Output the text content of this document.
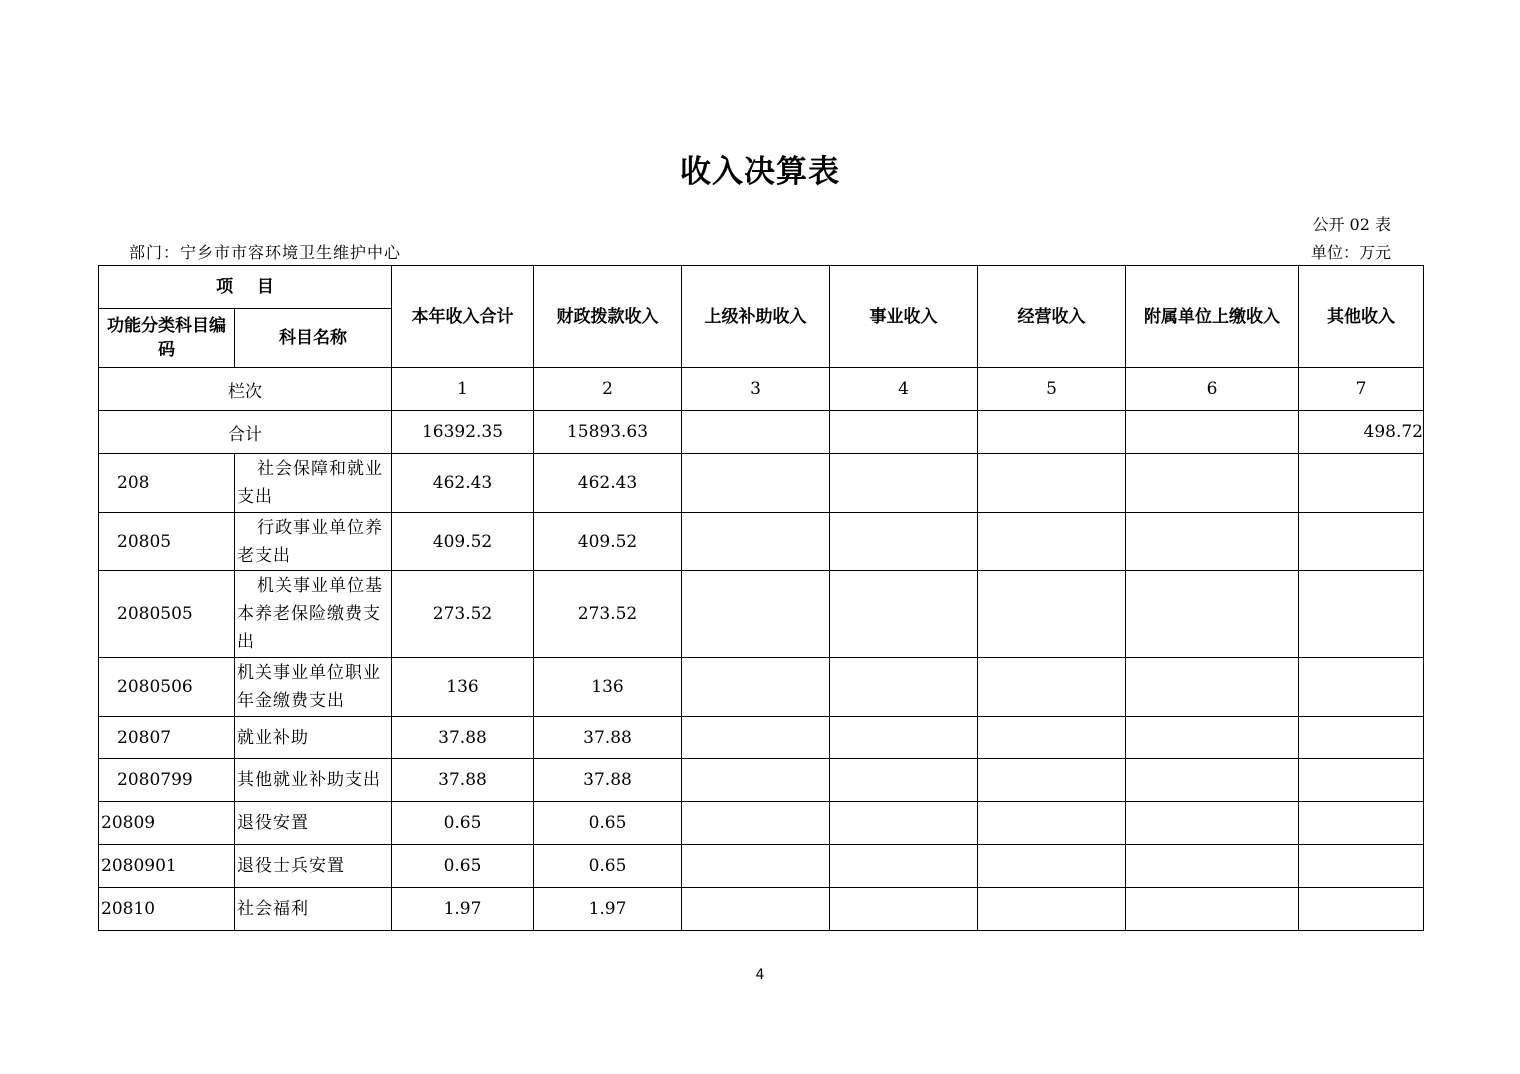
收入决算表
公开 02 表
部门：宁乡市市容环境卫生维护中心	单位：万元
项    目		本年收入合计	财政拨款收入	上级补助收入	事业收入	经营收入	附属单位上缴收入	其他收入
功能分类科目编码	科目名称							
栏次		1	2	3	4	5	6	7
合计		16392.35	15893.63					498.72
208	社会保障和就业支出	462.43	462.43					
20805	行政事业单位养老支出	409.52	409.52					
2080505	机关事业单位基本养老保险缴费支出	273.52	273.52					
2080506	机关事业单位职业年金缴费支出	136	136					
20807	就业补助	37.88	37.88					
2080799	其他就业补助支出	37.88	37.88					
20809	退役安置	0.65	0.65					
2080901	退役士兵安置	0.65	0.65					
20810	社会福利	1.97	1.97					
4
